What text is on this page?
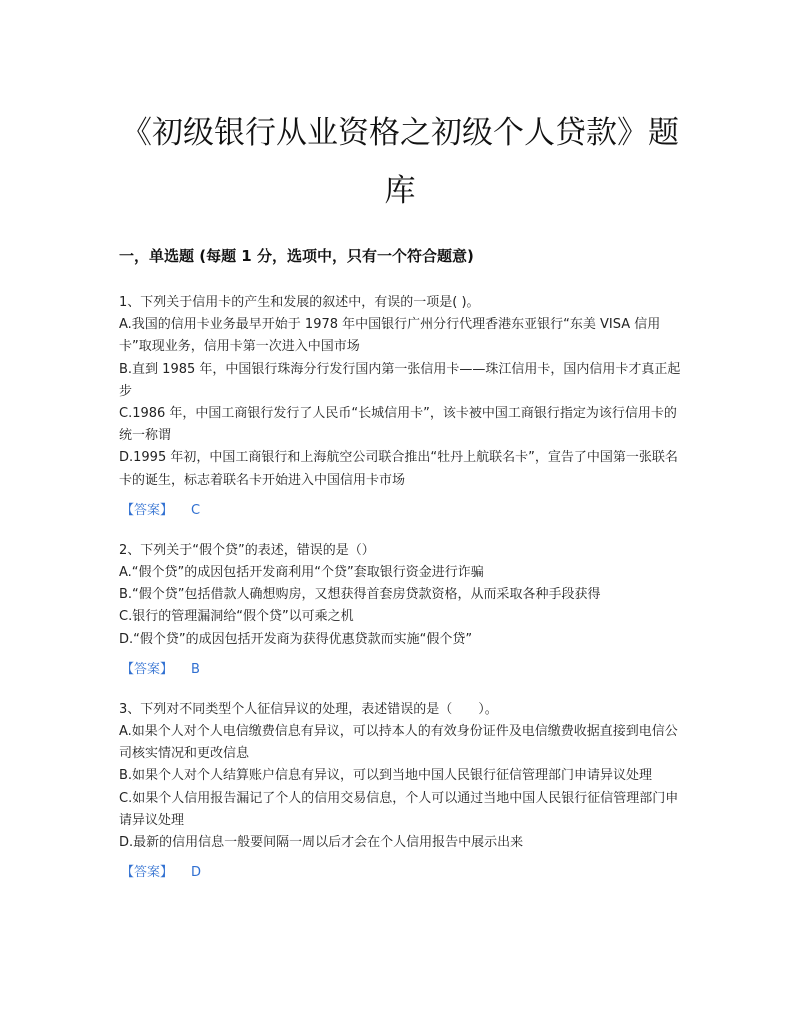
《初级银行从业资格之初级个人贷款》题库
一，单选题 (每题 1 分，选项中，只有一个符合题意)

1、下列关于信用卡的产生和发展的叙述中，有误的一项是( )。

A.我国的信用卡业务最早开始于 1978 年中国银行广州分行代理香港东亚银行“东美 VISA 信用卡”取现业务，信用卡第一次进入中国市场

B.直到 1985 年，中国银行珠海分行发行国内第一张信用卡——珠江信用卡，国内信用卡才真正起步

C.1986 年，中国工商银行发行了人民币“长城信用卡”，该卡被中国工商银行指定为该行信用卡的统一称谓

D.1995 年初，中国工商银行和上海航空公司联合推出“牡丹上航联名卡”，宣告了中国第一张联名卡的诞生，标志着联名卡开始进入中国信用卡市场

【答案】 C

2、下列关于“假个贷”的表述，错误的是（）

A.“假个贷”的成因包括开发商利用“个贷”套取银行资金进行诈骗

B.“假个贷”包括借款人确想购房，又想获得首套房贷款资格，从而采取各种手段获得

C.银行的管理漏洞给“假个贷”以可乘之机

D.“假个贷”的成因包括开发商为获得优惠贷款而实施“假个贷”

【答案】 B

3、下列对不同类型个人征信异议的处理，表述错误的是（　　）。

A.如果个人对个人电信缴费信息有异议，可以持本人的有效身份证件及电信缴费收据直接到电信公司核实情况和更改信息

B.如果个人对个人结算账户信息有异议，可以到当地中国人民银行征信管理部门申请异议处理

C.如果个人信用报告漏记了个人的信用交易信息，个人可以通过当地中国人民银行征信管理部门申请异议处理

D.最新的信用信息一般要间隔一周以后才会在个人信用报告中展示出来

【答案】 D
